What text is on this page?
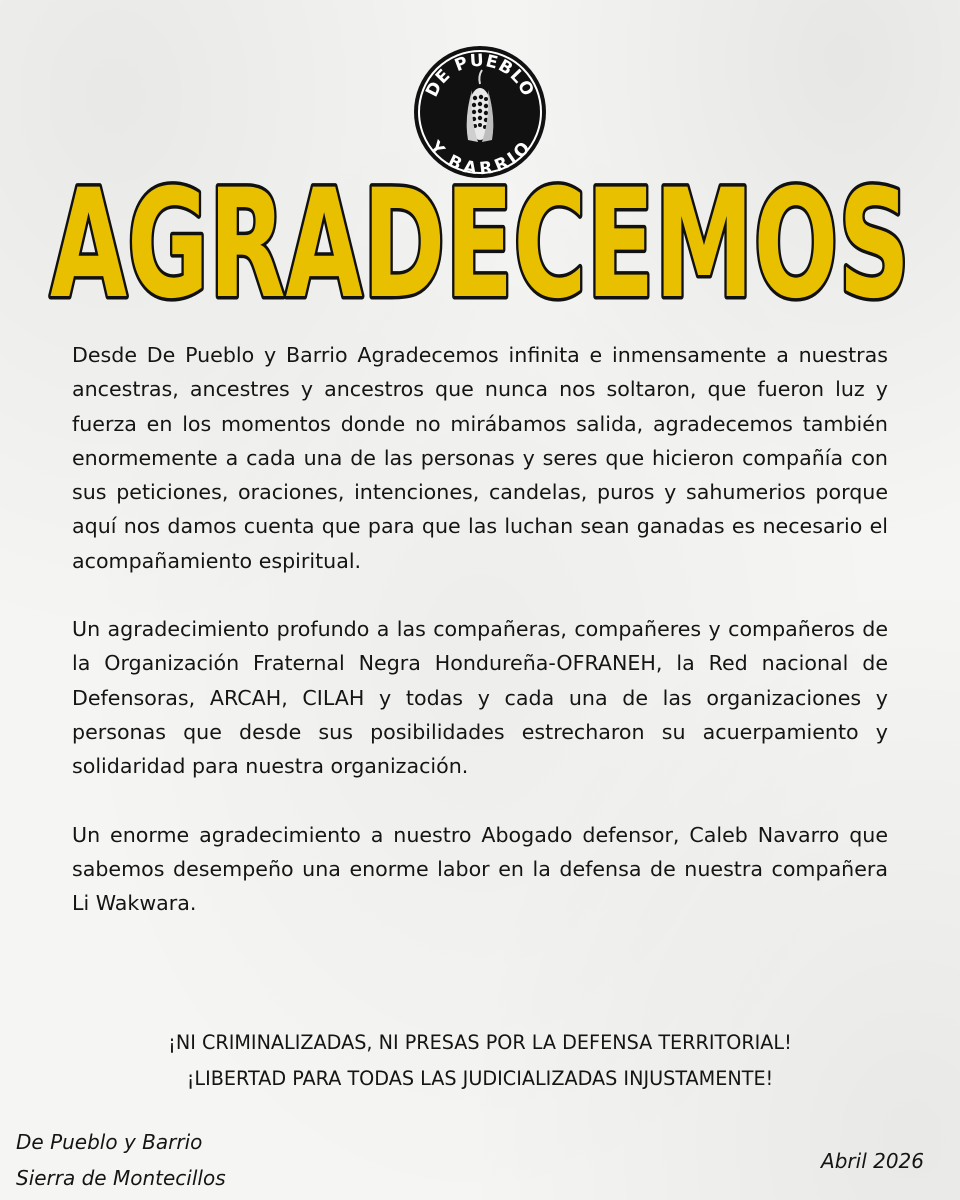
DE PUEBLO
Y BARRIO
AGRADECEMOS

Desde De Pueblo y Barrio Agradecemos infinita e inmensamente a nuestras ancestras, ancestres y ancestros que nunca nos soltaron, que fueron luz y fuerza en los momentos donde no mirábamos salida, agradecemos también enormemente a cada una de las personas y seres que hicieron compañía con sus peticiones, oraciones, intenciones, candelas, puros y sahumerios porque aquí nos damos cuenta que para que las luchan sean ganadas es necesario el acompañamiento espiritual.

Un agradecimiento profundo a las compañeras, compañeres y compañeros de la Organización Fraternal Negra Hondureña-OFRANEH, la Red nacional de Defensoras, ARCAH, CILAH y todas y cada una de las organizaciones y personas que desde sus posibilidades estrecharon su acuerpamiento y solidaridad para nuestra organización.

Un enorme agradecimiento a nuestro Abogado defensor, Caleb Navarro que sabemos desempeño una enorme labor en la defensa de nuestra compañera Li Wakwara.

¡NI CRIMINALIZADAS, NI PRESAS POR LA DEFENSA TERRITORIAL!
¡LIBERTAD PARA TODAS LAS JUDICIALIZADAS INJUSTAMENTE!
De Pueblo y Barrio
Sierra de Montecillos
Abril 2026
